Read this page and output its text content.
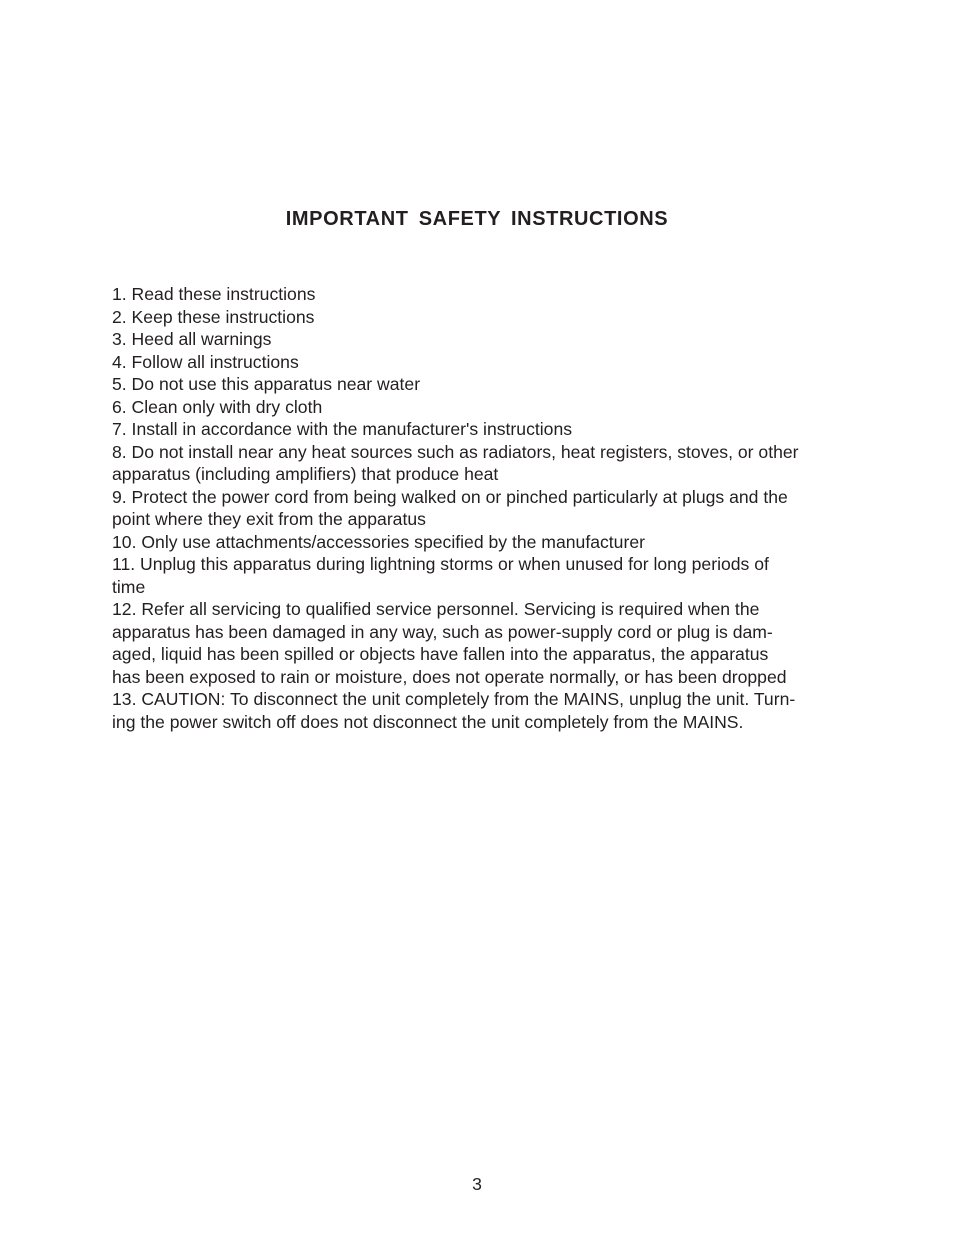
IMPORTANT SAFETY INSTRUCTIONS
1. Read these instructions
2. Keep these instructions
3. Heed all warnings
4. Follow all instructions
5. Do not use this apparatus near water
6. Clean only with dry cloth
7. Install in accordance with the manufacturer's instructions
8. Do not install near any heat sources such as radiators, heat registers, stoves, or other
apparatus (including amplifiers) that produce heat
9. Protect the power cord from being walked on or pinched particularly at plugs and the
point where they exit from the apparatus
10. Only use attachments/accessories specified by the manufacturer
11. Unplug this apparatus during lightning storms or when unused for long periods of
time
12. Refer all servicing to qualified service personnel. Servicing is required when the
apparatus has been damaged in any way, such as power-supply cord or plug is dam-
aged, liquid has been spilled or objects have fallen into the apparatus, the apparatus
has been exposed to rain or moisture, does not operate normally, or has been dropped
13. CAUTION: To disconnect the unit completely from the MAINS, unplug the unit. Turn-
ing the power switch off does not disconnect the unit completely from the MAINS.
3
